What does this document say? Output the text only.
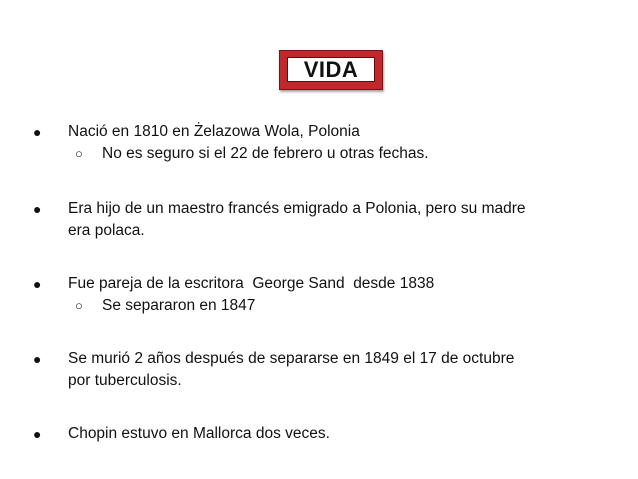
VIDA
● Nació en 1810 en Żelazowa Wola, Polonia
○ No es seguro si el 22 de febrero u otras fechas.
● Era hijo de un maestro francés emigrado a Polonia, pero su madre
era polaca.
● Fue pareja de la escritora  George Sand  desde 1838
○ Se separaron en 1847
● Se murió 2 años después de separarse en 1849 el 17 de octubre
por tuberculosis.
● Chopin estuvo en Mallorca dos veces.
